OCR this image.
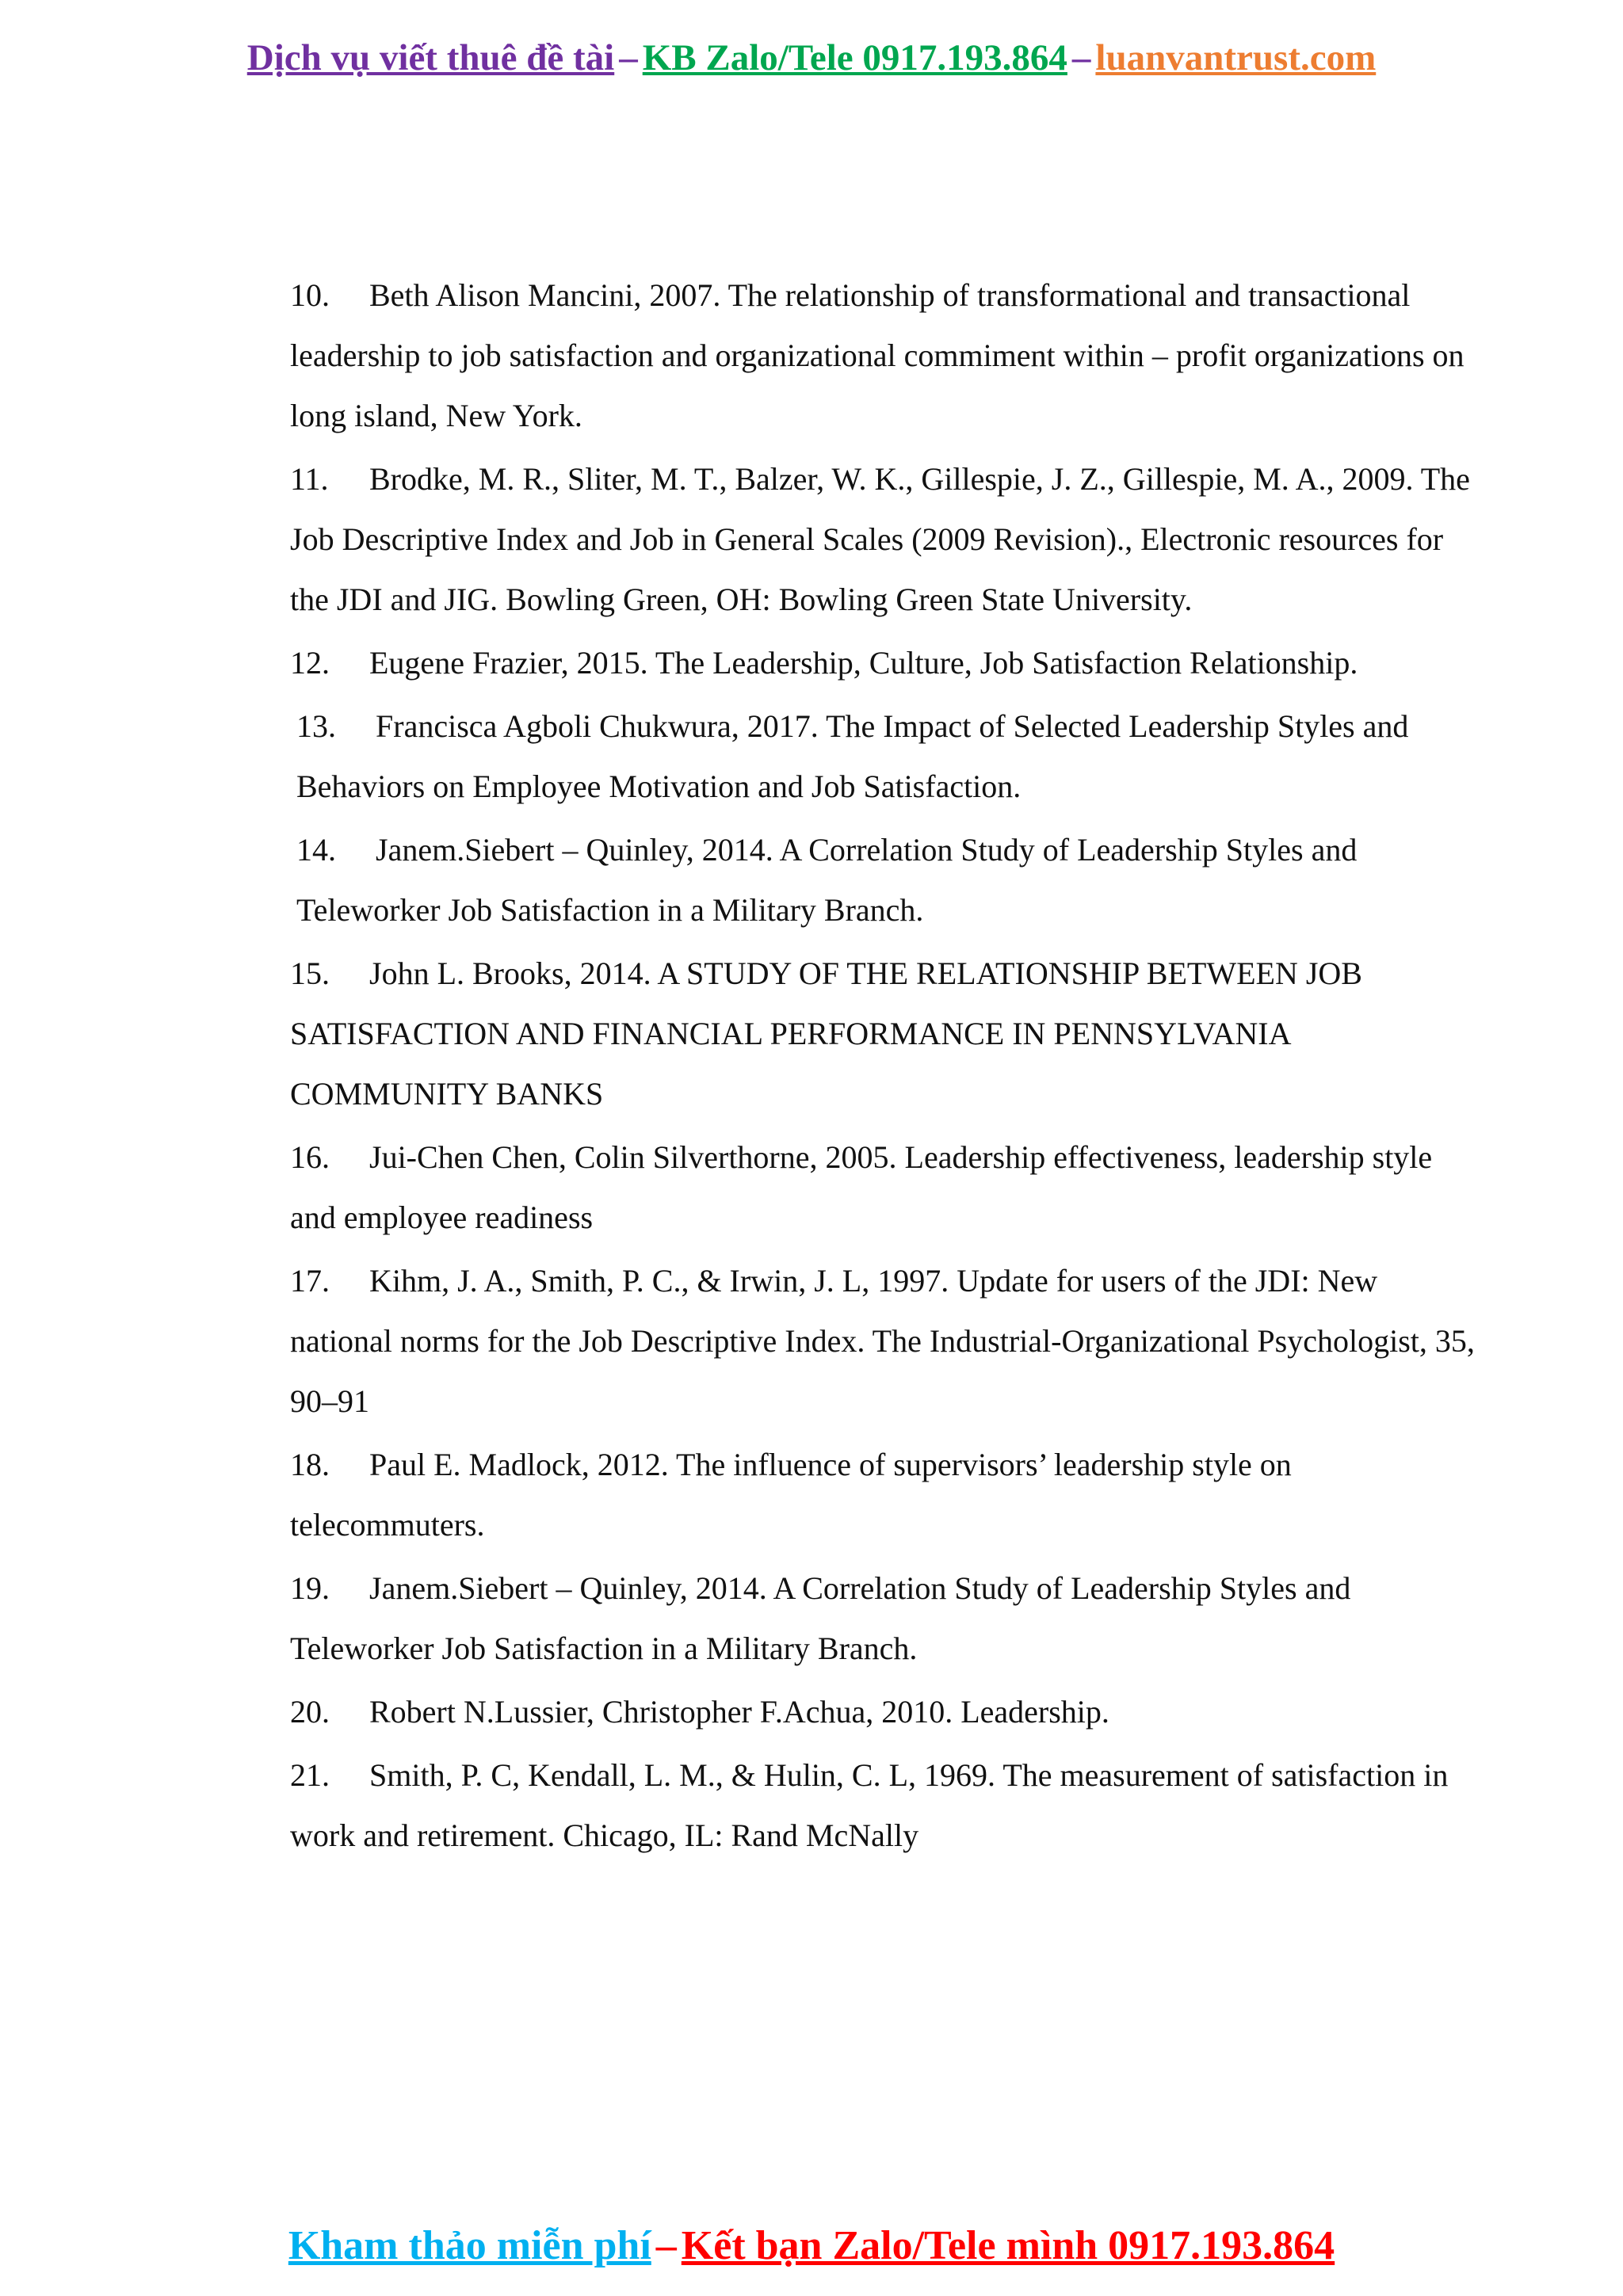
Dịch vụ viết thuê đề tài – KB Zalo/Tele 0917.193.864 – luanvantrust.com
10. Beth Alison Mancini, 2007. The relationship of transformational and transactional leadership to job satisfaction and organizational commiment within – profit organizations on long island, New York.
11. Brodke, M. R., Sliter, M. T., Balzer, W. K., Gillespie, J. Z., Gillespie, M. A., 2009. The Job Descriptive Index and Job in General Scales (2009 Revision)., Electronic resources for the JDI and JIG. Bowling Green, OH: Bowling Green State University.
12. Eugene Frazier, 2015. The Leadership, Culture, Job Satisfaction Relationship.
13. Francisca Agboli Chukwura, 2017. The Impact of Selected Leadership Styles and Behaviors on Employee Motivation and Job Satisfaction.
14. Janem.Siebert – Quinley, 2014. A Correlation Study of Leadership Styles and Teleworker Job Satisfaction in a Military Branch.
15. John L. Brooks, 2014. A STUDY OF THE RELATIONSHIP BETWEEN JOB SATISFACTION AND FINANCIAL PERFORMANCE IN PENNSYLVANIA COMMUNITY BANKS
16. Jui-Chen Chen, Colin Silverthorne, 2005. Leadership effectiveness, leadership style and employee readiness
17. Kihm, J. A., Smith, P. C., & Irwin, J. L, 1997. Update for users of the JDI: New national norms for the Job Descriptive Index. The Industrial-Organizational Psychologist, 35, 90–91
18. Paul E. Madlock, 2012. The influence of supervisors’ leadership style on telecommuters.
19. Janem.Siebert – Quinley, 2014. A Correlation Study of Leadership Styles and Teleworker Job Satisfaction in a Military Branch.
20. Robert N.Lussier, Christopher F.Achua, 2010. Leadership.
21. Smith, P. C, Kendall, L. M., & Hulin, C. L, 1969. The measurement of satisfaction in work and retirement. Chicago, IL: Rand McNally
Kham thảo miễn phí – Kết bạn Zalo/Tele mình 0917.193.864
